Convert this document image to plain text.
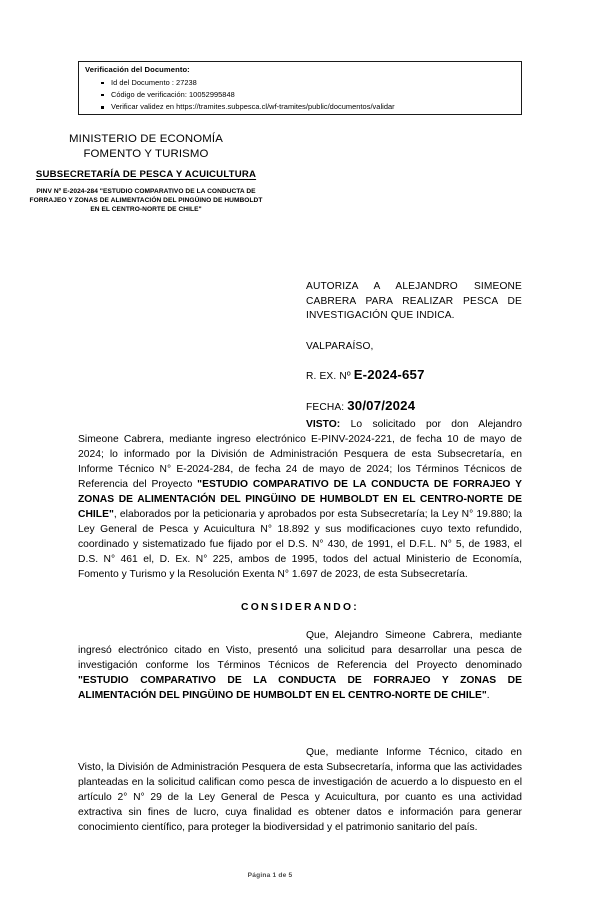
Verificación del Documento:
Id del Documento : 27238
Código de verificación: 10052995848
Verificar validez en https://tramites.subpesca.cl/wf-tramites/public/documentos/validar
MINISTERIO DE ECONOMÍA
FOMENTO Y TURISMO
SUBSECRETARÍA DE PESCA Y ACUICULTURA
PINV Nº E-2024-284 "ESTUDIO COMPARATIVO DE LA CONDUCTA DE FORRAJEO Y ZONAS DE ALIMENTACIÓN DEL PINGÜINO DE HUMBOLDT EN EL CENTRO-NORTE DE CHILE"
AUTORIZA A ALEJANDRO SIMEONE CABRERA PARA REALIZAR PESCA DE INVESTIGACIÓN QUE INDICA.
VALPARAÍSO,
R. EX. Nº E-2024-657
FECHA: 30/07/2024

VISTO: Lo solicitado por don Alejandro Simeone Cabrera, mediante ingreso electrónico E-PINV-2024-221, de fecha 10 de mayo de 2024; lo informado por la División de Administración Pesquera de esta Subsecretaría, en Informe Técnico N° E-2024-284, de fecha 24 de mayo de 2024; los Términos Técnicos de Referencia del Proyecto "ESTUDIO COMPARATIVO DE LA CONDUCTA DE FORRAJEO Y ZONAS DE ALIMENTACIÓN DEL PINGÜINO DE HUMBOLDT EN EL CENTRO-NORTE DE CHILE", elaborados por la peticionaria y aprobados por esta Subsecretaría; la Ley N° 19.880; la Ley General de Pesca y Acuicultura N° 18.892 y sus modificaciones cuyo texto refundido, coordinado y sistematizado fue fijado por el D.S. N° 430, de 1991, el D.F.L. N° 5, de 1983, el D.S. N° 461 el, D. Ex. N° 225, ambos de 1995, todos del actual Ministerio de Economía, Fomento y Turismo y la Resolución Exenta N° 1.697 de 2023, de esta Subsecretaría.

CONSIDERANDO:

Que, Alejandro Simeone Cabrera, mediante ingresó electrónico citado en Visto, presentó una solicitud para desarrollar una pesca de investigación conforme los Términos Técnicos de Referencia del Proyecto denominado "ESTUDIO COMPARATIVO DE LA CONDUCTA DE FORRAJEO Y ZONAS DE ALIMENTACIÓN DEL PINGÜINO DE HUMBOLDT EN EL CENTRO-NORTE DE CHILE".

Que, mediante Informe Técnico, citado en Visto, la División de Administración Pesquera de esta Subsecretaría, informa que las actividades planteadas en la solicitud califican como pesca de investigación de acuerdo a lo dispuesto en el artículo 2° N° 29 de la Ley General de Pesca y Acuicultura, por cuanto es una actividad extractiva sin fines de lucro, cuya finalidad es obtener datos e información para generar conocimiento científico, para proteger la biodiversidad y el patrimonio sanitario del país.

Página 1 de 5
